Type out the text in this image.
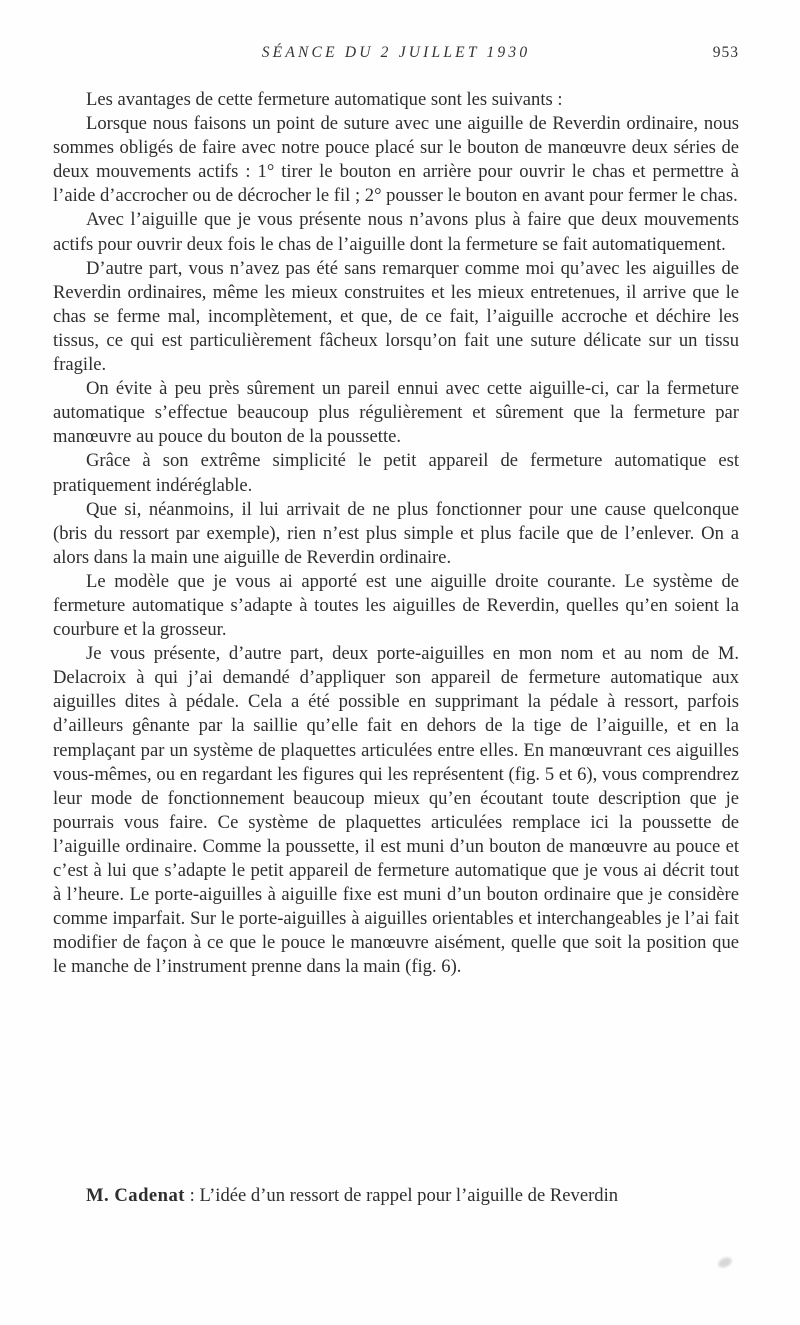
SÉANCE DU 2 JUILLET 1930	953

Les avantages de cette fermeture automatique sont les suivants :

Lorsque nous faisons un point de suture avec une aiguille de Reverdin ordinaire, nous sommes obligés de faire avec notre pouce placé sur le bouton de manœuvre deux séries de deux mouvements actifs : 1° tirer le bouton en arrière pour ouvrir le chas et permettre à l’aide d’accrocher ou de décrocher le fil ; 2° pousser le bouton en avant pour fermer le chas.

Avec l’aiguille que je vous présente nous n’avons plus à faire que deux mouvements actifs pour ouvrir deux fois le chas de l’aiguille dont la fermeture se fait automatiquement.

D’autre part, vous n’avez pas été sans remarquer comme moi qu’avec les aiguilles de Reverdin ordinaires, même les mieux construites et les mieux entretenues, il arrive que le chas se ferme mal, incomplètement, et que, de ce fait, l’aiguille accroche et déchire les tissus, ce qui est particulièrement fâcheux lorsqu’on fait une suture délicate sur un tissu fragile.

On évite à peu près sûrement un pareil ennui avec cette aiguille-ci, car la fermeture automatique s’effectue beaucoup plus régulièrement et sûrement que la fermeture par manœuvre au pouce du bouton de la poussette.

Grâce à son extrême simplicité le petit appareil de fermeture automatique est pratiquement indéréglable.

Que si, néanmoins, il lui arrivait de ne plus fonctionner pour une cause quelconque (bris du ressort par exemple), rien n’est plus simple et plus facile que de l’enlever. On a alors dans la main une aiguille de Reverdin ordinaire.

Le modèle que je vous ai apporté est une aiguille droite courante. Le système de fermeture automatique s’adapte à toutes les aiguilles de Reverdin, quelles qu’en soient la courbure et la grosseur.

Je vous présente, d’autre part, deux porte-aiguilles en mon nom et au nom de M. Delacroix à qui j’ai demandé d’appliquer son appareil de fermeture automatique aux aiguilles dites à pédale. Cela a été possible en supprimant la pédale à ressort, parfois d’ailleurs gênante par la saillie qu’elle fait en dehors de la tige de l’aiguille, et en la remplaçant par un système de plaquettes articulées entre elles. En manœuvrant ces aiguilles vous-mêmes, ou en regardant les figures qui les représentent (fig. 5 et 6), vous comprendrez leur mode de fonctionnement beaucoup mieux qu’en écoutant toute description que je pourrais vous faire. Ce système de plaquettes articulées remplace ici la poussette de l’aiguille ordinaire. Comme la poussette, il est muni d’un bouton de manœuvre au pouce et c’est à lui que s’adapte le petit appareil de fermeture automatique que je vous ai décrit tout à l’heure. Le porte-aiguilles à aiguille fixe est muni d’un bouton ordinaire que je considère comme imparfait. Sur le porte-aiguilles à aiguilles orientables et interchangeables je l’ai fait modifier de façon à ce que le pouce le manœuvre aisément, quelle que soit la position que le manche de l’instrument prenne dans la main (fig. 6).

M. Cadenat : L’idée d’un ressort de rappel pour l’aiguille de Reverdin
